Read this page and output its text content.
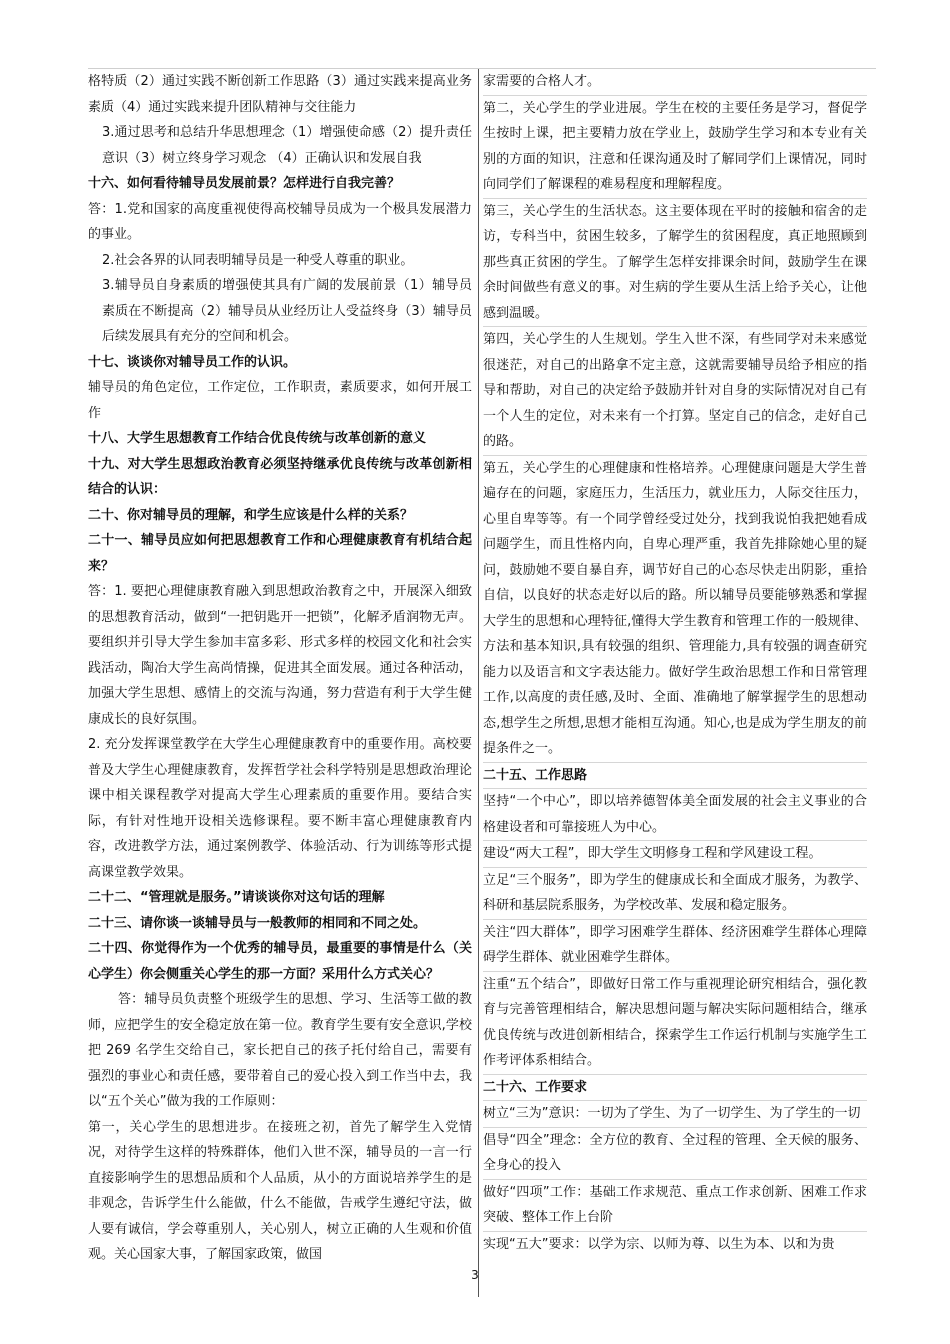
格特质（2）通过实践不断创新工作思路（3）通过实践来提高业务素质（4）通过实践来提升团队精神与交往能力

3.通过思考和总结升华思想理念（1）增强使命感（2）提升责任意识（3）树立终身学习观念 （4）正确认识和发展自我

十六、如何看待辅导员发展前景？怎样进行自我完善？

答：1.党和国家的高度重视使得高校辅导员成为一个极具发展潜力的事业。

2.社会各界的认同表明辅导员是一种受人尊重的职业。

3.辅导员自身素质的增强使其具有广阔的发展前景（1）辅导员素质在不断提高（2）辅导员从业经历让人受益终身（3）辅导员后续发展具有充分的空间和机会。

十七、谈谈你对辅导员工作的认识。

辅导员的角色定位，工作定位，工作职责，素质要求，如何开展工作

十八、大学生思想教育工作结合优良传统与改革创新的意义

十九、对大学生思想政治教育必须坚持继承优良传统与改革创新相结合的认识：

二十、你对辅导员的理解，和学生应该是什么样的关系？

二十一、辅导员应如何把思想教育工作和心理健康教育有机结合起来？

答：1. 要把心理健康教育融入到思想政治教育之中，开展深入细致的思想教育活动，做到“一把钥匙开一把锁”，化解矛盾润物无声。要组织并引导大学生参加丰富多彩、形式多样的校园文化和社会实践活动，陶冶大学生高尚情操，促进其全面发展。通过各种活动，加强大学生思想、感情上的交流与沟通，努力营造有利于大学生健康成长的良好氛围。

2. 充分发挥课堂教学在大学生心理健康教育中的重要作用。高校要普及大学生心理健康教育，发挥哲学社会科学特别是思想政治理论课中相关课程教学对提高大学生心理素质的重要作用。要结合实际，有针对性地开设相关选修课程。要不断丰富心理健康教育内容，改进教学方法，通过案例教学、体验活动、行为训练等形式提高课堂教学效果。

二十二、“管理就是服务。”请谈谈你对这句话的理解

二十三、请你谈一谈辅导员与一般教师的相同和不同之处。

二十四、你觉得作为一个优秀的辅导员，最重要的事情是什么（关心学生）你会侧重关心学生的那一方面？采用什么方式关心？

答：辅导员负责整个班级学生的思想、学习、生活等工做的教师，应把学生的安全稳定放在第一位。教育学生要有安全意识,学校把 269 名学生交给自己，家长把自己的孩子托付给自己，需要有强烈的事业心和责任感，要带着自己的爱心投入到工作当中去，我以“五个关心”做为我的工作原则：

第一，关心学生的思想进步。在接班之初，首先了解学生入党情况，对待学生这样的特殊群体，他们入世不深，辅导员的一言一行直接影响学生的思想品质和个人品质，从小的方面说培养学生的是非观念，告诉学生什么能做，什么不能做，告戒学生遵纪守法，做人要有诚信，学会尊重别人，关心别人，树立正确的人生观和价值观。关心国家大事，了解国家政策，做国

家需要的合格人才。

第二，关心学生的学业进展。学生在校的主要任务是学习，督促学生按时上课，把主要精力放在学业上，鼓励学生学习和本专业有关别的方面的知识，注意和任课沟通及时了解同学们上课情况，同时向同学们了解课程的难易程度和理解程度。

第三，关心学生的生活状态。这主要体现在平时的接触和宿舍的走访，专科当中，贫困生较多，了解学生的贫困程度，真正地照顾到那些真正贫困的学生。了解学生怎样安排课余时间，鼓励学生在课余时间做些有意义的事。对生病的学生要从生活上给予关心，让他感到温暖。

第四，关心学生的人生规划。学生入世不深，有些同学对未来感觉很迷茫，对自己的出路拿不定主意，这就需要辅导员给予相应的指导和帮助，对自己的决定给予鼓励并针对自身的实际情况对自己有一个人生的定位，对未来有一个打算。坚定自己的信念，走好自己的路。

第五，关心学生的心理健康和性格培养。心理健康问题是大学生普遍存在的问题，家庭压力，生活压力，就业压力，人际交往压力，心里自卑等等。有一个同学曾经受过处分，找到我说怕我把她看成问题学生，而且性格内向，自卑心理严重，我首先排除她心里的疑问，鼓励她不要自暴自弃，调节好自己的心态尽快走出阴影，重拾自信，以良好的状态走好以后的路。所以辅导员要能够熟悉和掌握大学生的思想和心理特征,懂得大学生教育和管理工作的一般规律、方法和基本知识,具有较强的组织、管理能力,具有较强的调查研究能力以及语言和文字表达能力。做好学生政治思想工作和日常管理工作,以高度的责任感,及时、全面、准确地了解掌握学生的思想动态,想学生之所想,思想才能相互沟通。知心,也是成为学生朋友的前提条件之一。

二十五、工作思路

坚持“一个中心”，即以培养德智体美全面发展的社会主义事业的合格建设者和可靠接班人为中心。

建设“两大工程”，即大学生文明修身工程和学风建设工程。

立足“三个服务”，即为学生的健康成长和全面成才服务，为教学、科研和基层院系服务，为学校改革、发展和稳定服务。

关注“四大群体”，即学习困难学生群体、经济困难学生群体心理障碍学生群体、就业困难学生群体。

注重“五个结合”，即做好日常工作与重视理论研究相结合，强化教育与完善管理相结合，解决思想问题与解决实际问题相结合，继承优良传统与改进创新相结合，探索学生工作运行机制与实施学生工作考评体系相结合。

二十六、工作要求

树立“三为”意识：一切为了学生、为了一切学生、为了学生的一切

倡导“四全”理念：全方位的教育、全过程的管理、全天候的服务、全身心的投入

做好“四项”工作：基础工作求规范、重点工作求创新、困难工作求突破、整体工作上台阶

实现“五大”要求：以学为宗、以师为尊、以生为本、以和为贵

3
